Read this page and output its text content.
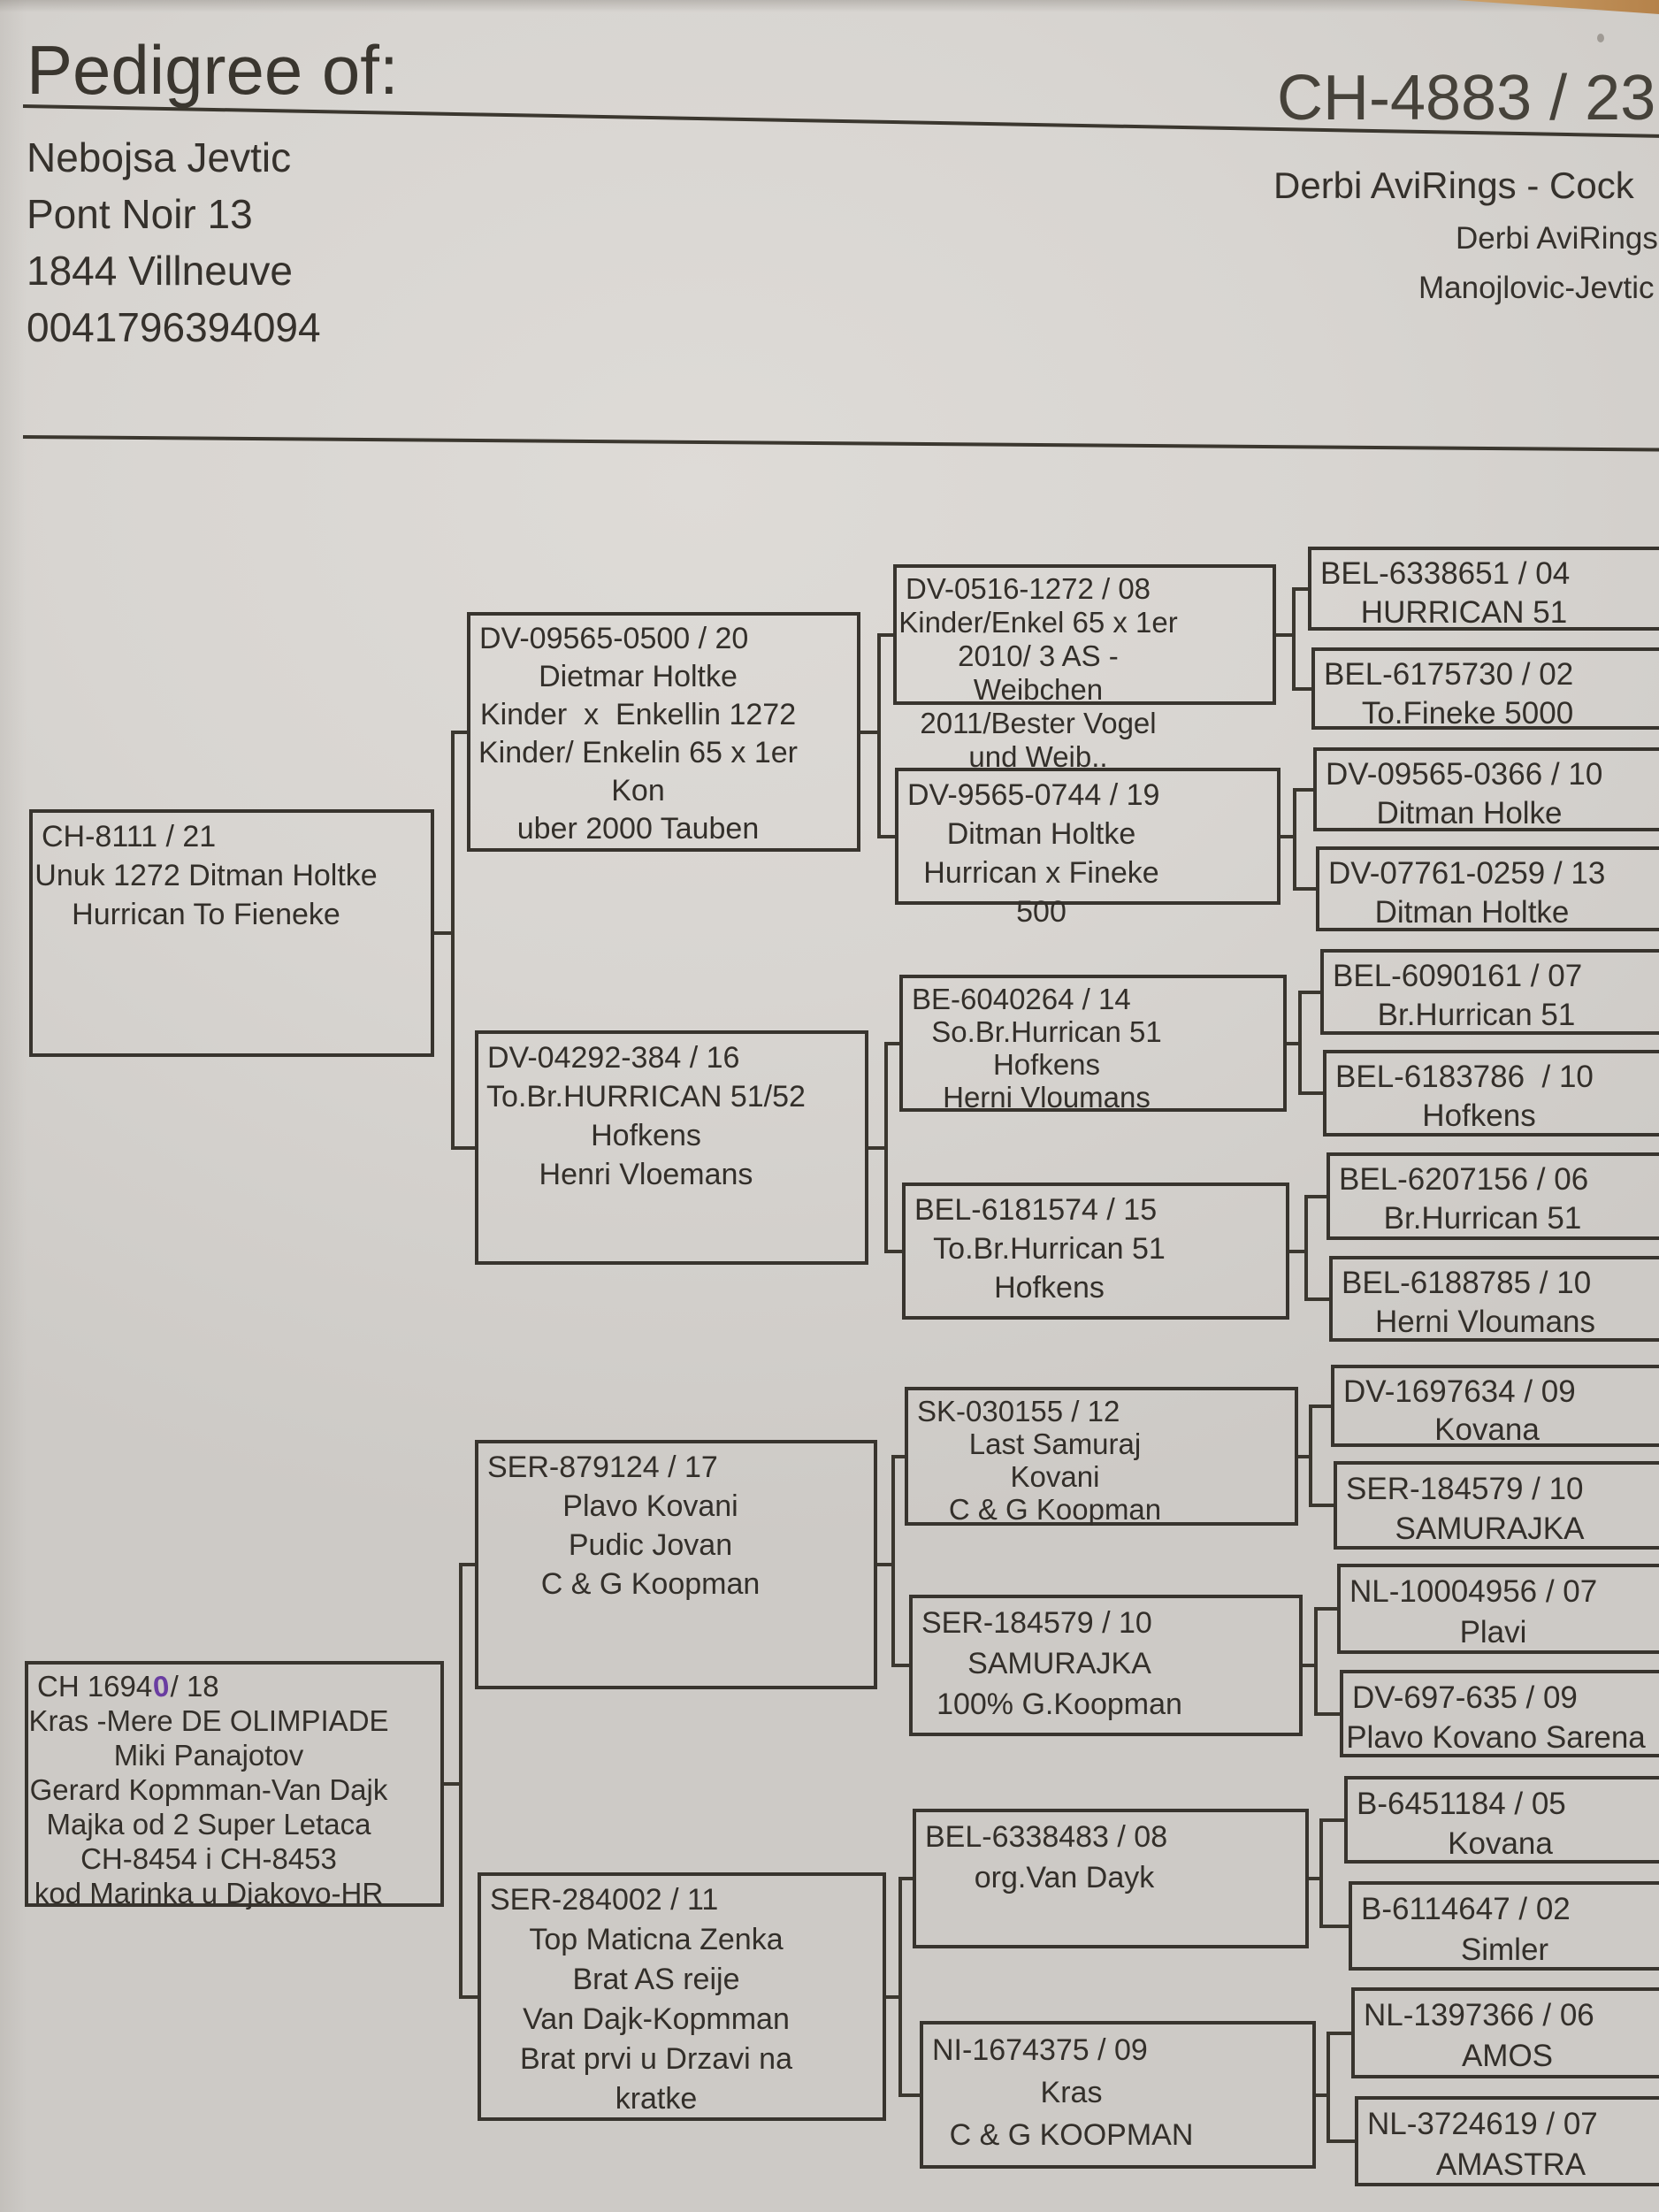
Pedigree of:
Nebojsa Jevtic
Pont Noir 13
1844 Villneuve
0041796394094
CH-4883 / 23
Derbi AviRings - Cock
Derbi AviRings
Manojlovic-Jevtic
CH-8111 / 21
Unuk 1272 Ditman Holtke
Hurrican To Fieneke
CH 16940/ 18
Kras -Mere DE OLIMPIADE
Miki Panajotov
Gerard Kopmman-Van Dajk
Majka od 2 Super Letaca
CH-8454 i CH-8453
kod Marinka u Djakovo-HR
DV-09565-0500 / 20
Dietmar Holtke
Kinder  x  Enkellin 1272
Kinder/ Enkelin 65 x 1er Kon
uber 2000 Tauben
DV-04292-384 / 16
To.Br.HURRICAN 51/52
Hofkens
Henri Vloemans
SER-879124 / 17
Plavo Kovani
Pudic Jovan
C & G Koopman
SER-284002 / 11
Top Maticna Zenka
Brat AS reije
Van Dajk-Kopmman
Brat prvi u Drzavi na kratke
DV-0516-1272 / 08
Kinder/Enkel 65 x 1er
2010/ 3 AS -Weibchen
2011/Bester Vogel und Weib..
DV-9565-0744 / 19
Ditman Holtke
Hurrican x Fineke 500
BE-6040264 / 14
So.Br.Hurrican 51
Hofkens
Herni Vloumans
BEL-6181574 / 15
To.Br.Hurrican 51
Hofkens
SK-030155 / 12
Last Samuraj
Kovani
C & G Koopman
SER-184579 / 10
SAMURAJKA
100% G.Koopman
BEL-6338483 / 08
org.Van Dayk
NI-1674375 / 09
Kras
C & G KOOPMAN
BEL-6338651 / 04
HURRICAN 51
BEL-6175730 / 02
To.Fineke 5000
DV-09565-0366 / 10
Ditman Holke
DV-07761-0259 / 13
Ditman Holtke
BEL-6090161 / 07
Br.Hurrican 51
BEL-6183786  / 10
Hofkens
BEL-6207156 / 06
Br.Hurrican 51
BEL-6188785 / 10
Herni Vloumans
DV-1697634 / 09
Kovana
SER-184579 / 10
SAMURAJKA
NL-10004956 / 07
Plavi
DV-697-635 / 09
Plavo Kovano Sarena
B-6451184 / 05
Kovana
B-6114647 / 02
Simler
NL-1397366 / 06
AMOS
NL-3724619 / 07
AMASTRA
